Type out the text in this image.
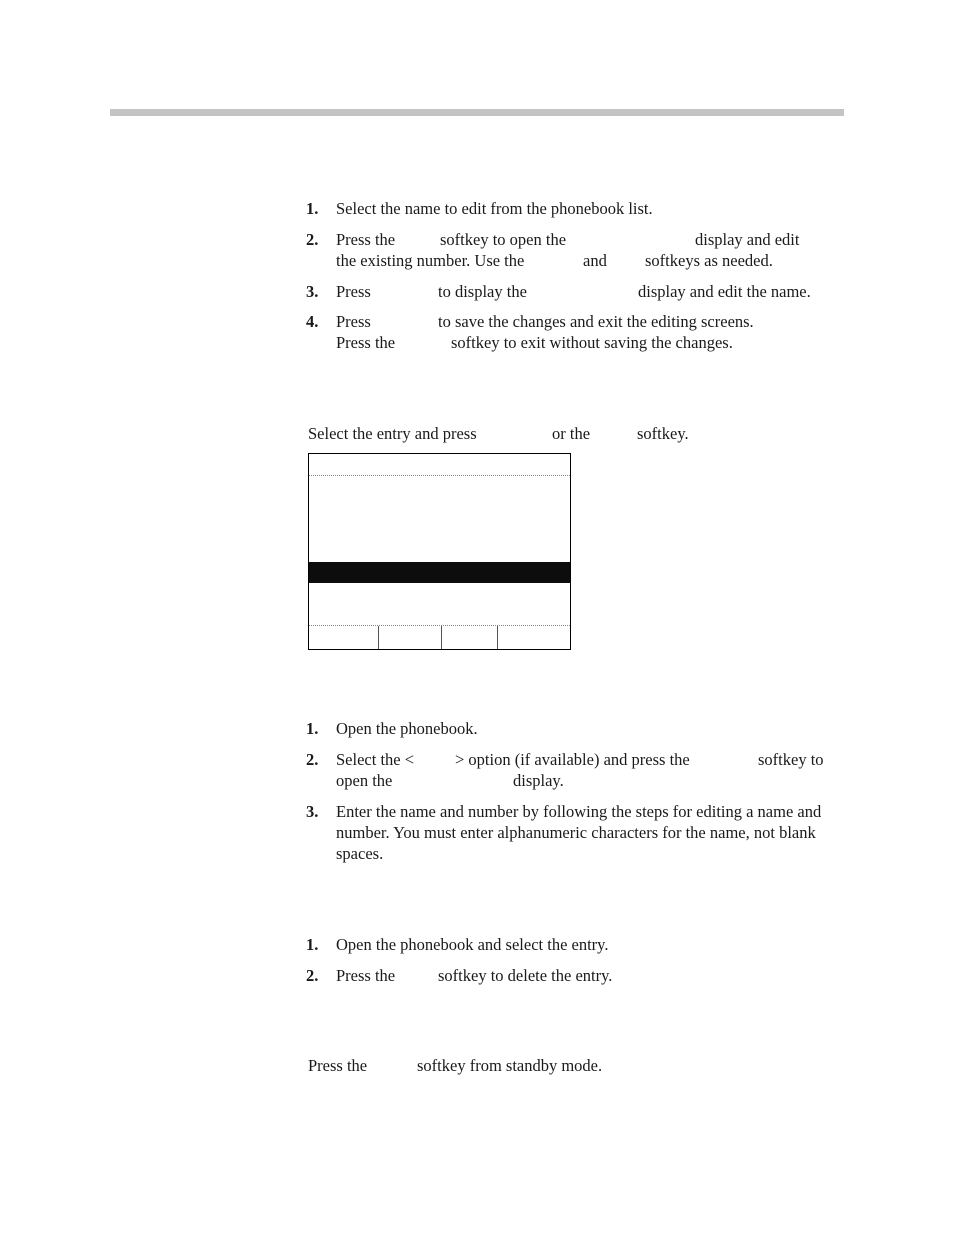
1.	Select the name to edit from the phonebook list.
2.	Press the	softkey to open the	display and edit
the existing number. Use the	and softkeys as needed.
3.	Press	to display the	display and edit the name.
4.	Press	to save the changes and exit the editing screens.
Press the	softkey to exit without saving the changes.
Select the entry and press	or the	softkey.
1.	Open the phonebook.
2.	Select the < > option (if available) and press the	softkey to
open the	display.
3.	Enter the name and number by following the steps for editing a name and number. You must enter alphanumeric characters for the name, not blank spaces.
1.	Open the phonebook and select the entry.
2.	Press the	softkey to delete the entry.
Press the	softkey from standby mode.
